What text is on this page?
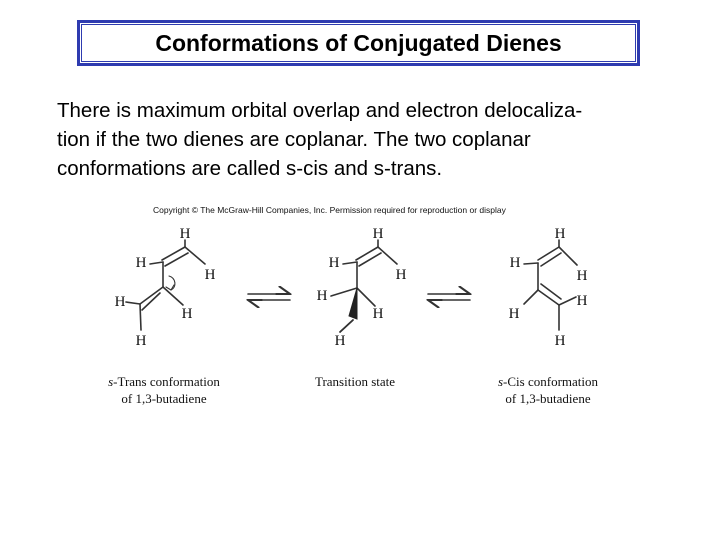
Conformations of Conjugated Dienes
There is maximum orbital overlap and electron delocaliza-
tion if the two dienes are coplanar. The two coplanar
conformations are called s-cis and s-trans.
Copyright © The McGraw-Hill Companies, Inc. Permission required for reproduction or display
H
H
H
H
H
H
H
H
H
H
H
H
H
H
H
H
H
H
s-Trans conformation
of 1,3-butadiene
Transition state	s-Cis conformation
of 1,3-butadiene
